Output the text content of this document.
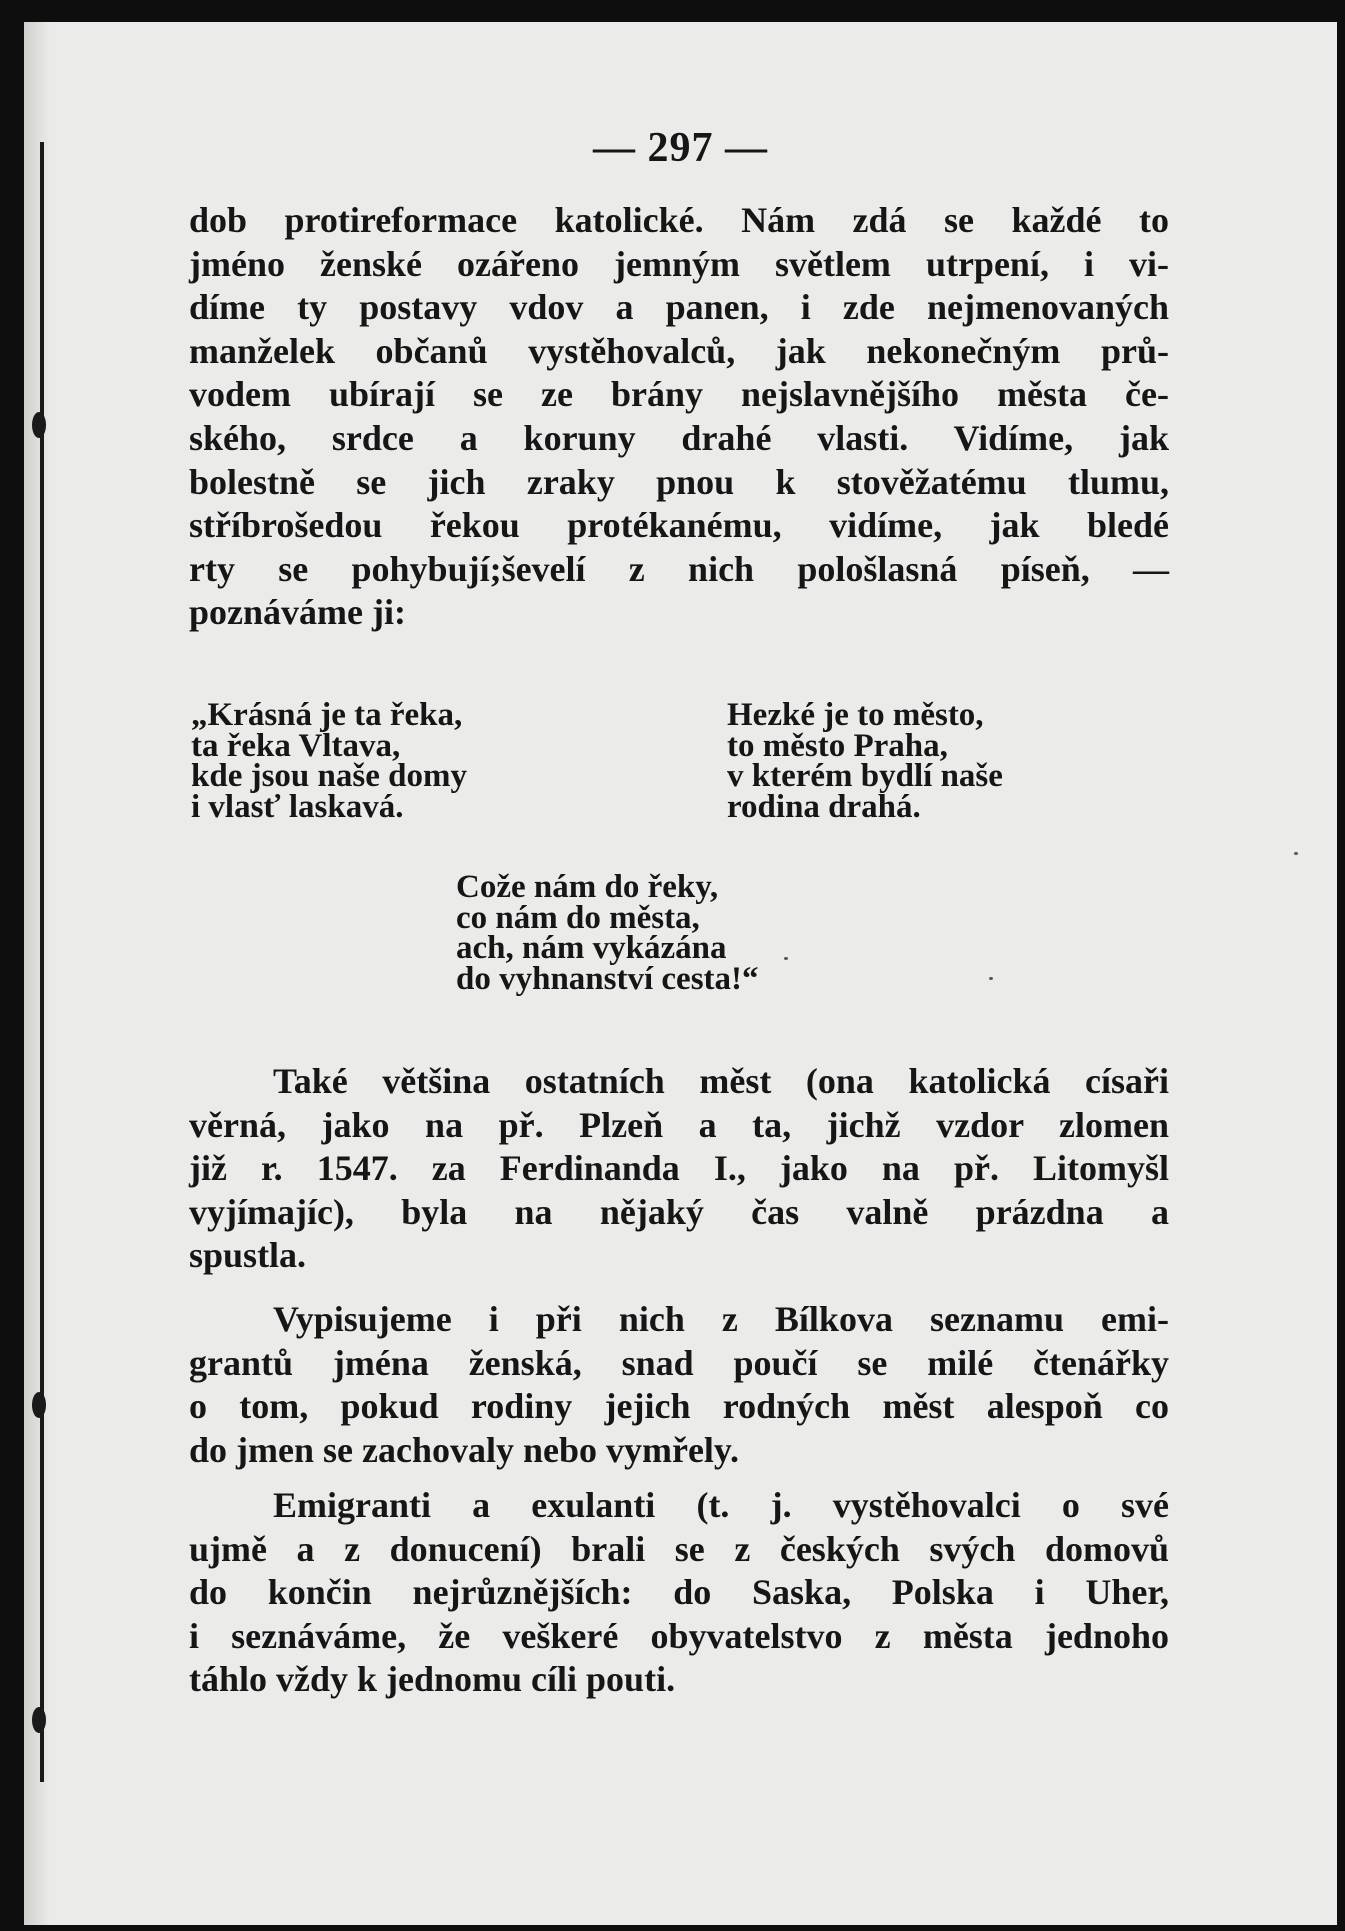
— 297 —

dob protireformace katolické. Nám zdá se každé to
jméno ženské ozářeno jemným světlem utrpení, i vi-
díme ty postavy vdov a panen, i zde nejmenovaných
manželek občanů vystěhovalců, jak nekonečným prů-
vodem ubírají se ze brány nejslavnějšího města če-
ského, srdce a koruny drahé vlasti. Vidíme, jak
bolestně se jich zraky pnou k stověžatému tlumu,
stříbrošedou řekou protékanému, vidíme, jak bledé
rty se pohybují;ševelí z nich pološlasná píseň, —
poznáváme ji:

„Krásná je ta řeka,
ta řeka Vltava,
kde jsou naše domy
i vlasť laskavá.
Hezké je to město,
to město Praha,
v kterém bydlí naše
rodina drahá.
Cože nám do řeky,
co nám do města,
ach, nám vykázána
do vyhnanství cesta!“

Také většina ostatních měst (ona katolická císaři
věrná, jako na př. Plzeň a ta, jichž vzdor zlomen
již r. 1547. za Ferdinanda I., jako na př. Litomyšl
vyjímajíc), byla na nějaký čas valně prázdna a
spustla.

Vypisujeme i při nich z Bílkova seznamu emi-
grantů jména ženská, snad poučí se milé čtenářky
o tom, pokud rodiny jejich rodných měst alespoň co
do jmen se zachovaly nebo vymřely.

Emigranti a exulanti (t. j. vystěhovalci o své
ujmě a z donucení) brali se z českých svých domovů
do končin nejrůznějších: do Saska, Polska i Uher,
i seznáváme, že veškeré obyvatelstvo z města jednoho
táhlo vždy k jednomu cíli pouti.
